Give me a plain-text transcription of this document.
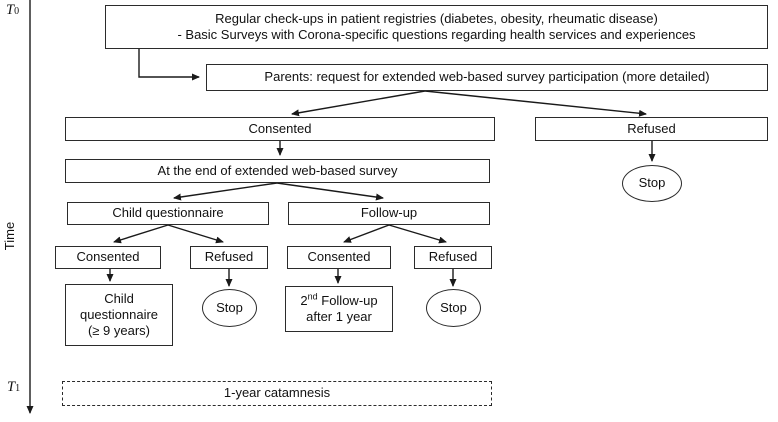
T 0
Time
T 1
Regular check-ups in patient registries (diabetes, obesity, rheumatic disease)
- Basic Surveys with Corona-specific questions regarding health services and experiences
Parents: request for extended web-based survey participation (more detailed)
Consented	Refused
Stop
At the end of extended web-based survey
Child questionnaire	Follow-up
Consented	Refused	Consented	Refused
Child
questionnaire
(≥ 9 years)
Stop	2nd Follow-up
after 1 year
Stop
1-year catamnesis
